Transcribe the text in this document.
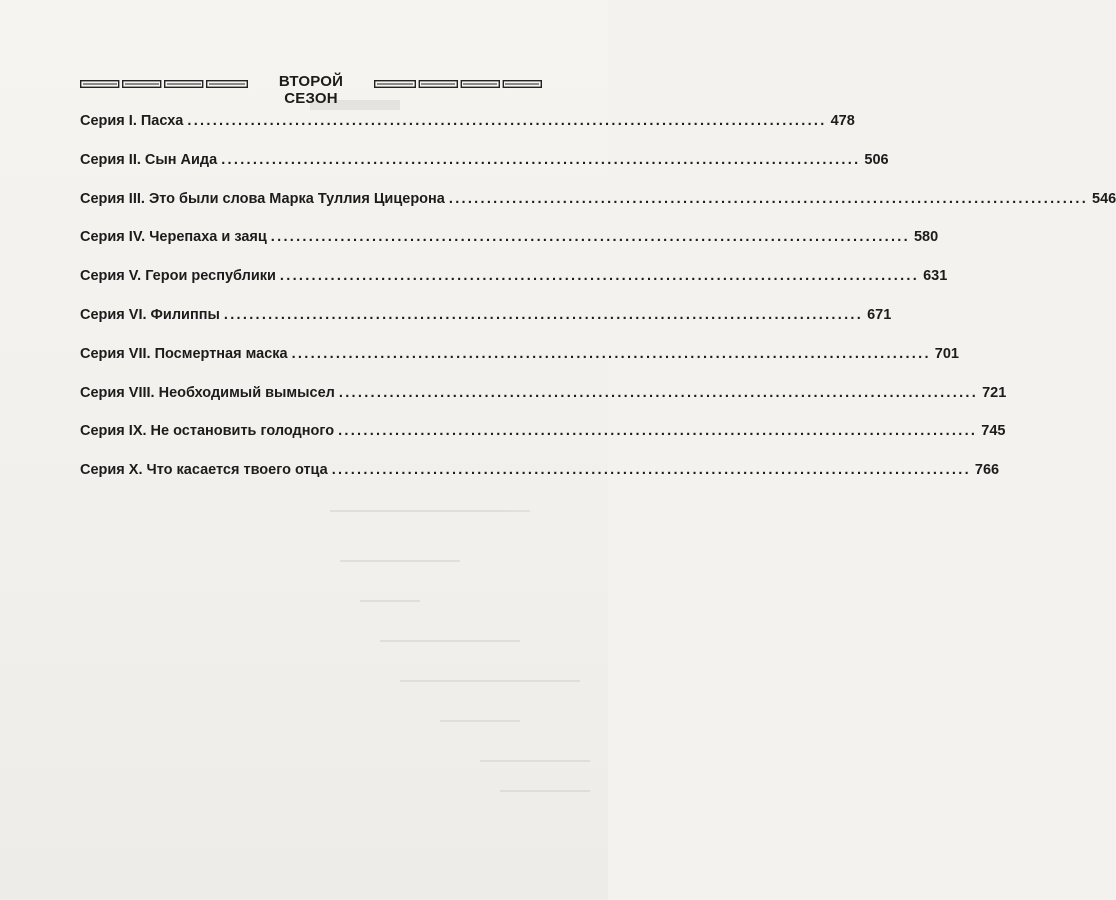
ВТОРОЙ СЕЗОН
Серия I. Пасха ..................................................................................................... 478
Серия II. Сын Аида ..................................................................................................... 506
Серия III. Это были слова Марка Туллия Цицерона ..................................................................................................... 546
Серия IV. Черепаха и заяц ..................................................................................................... 580
Серия V. Герои республики ..................................................................................................... 631
Серия VI. Филиппы ..................................................................................................... 671
Серия VII. Посмертная маска ..................................................................................................... 701
Серия VIII. Необходимый вымысел ..................................................................................................... 721
Серия IX. Не остановить голодного ..................................................................................................... 745
Серия X. Что касается твоего отца ..................................................................................................... 766
